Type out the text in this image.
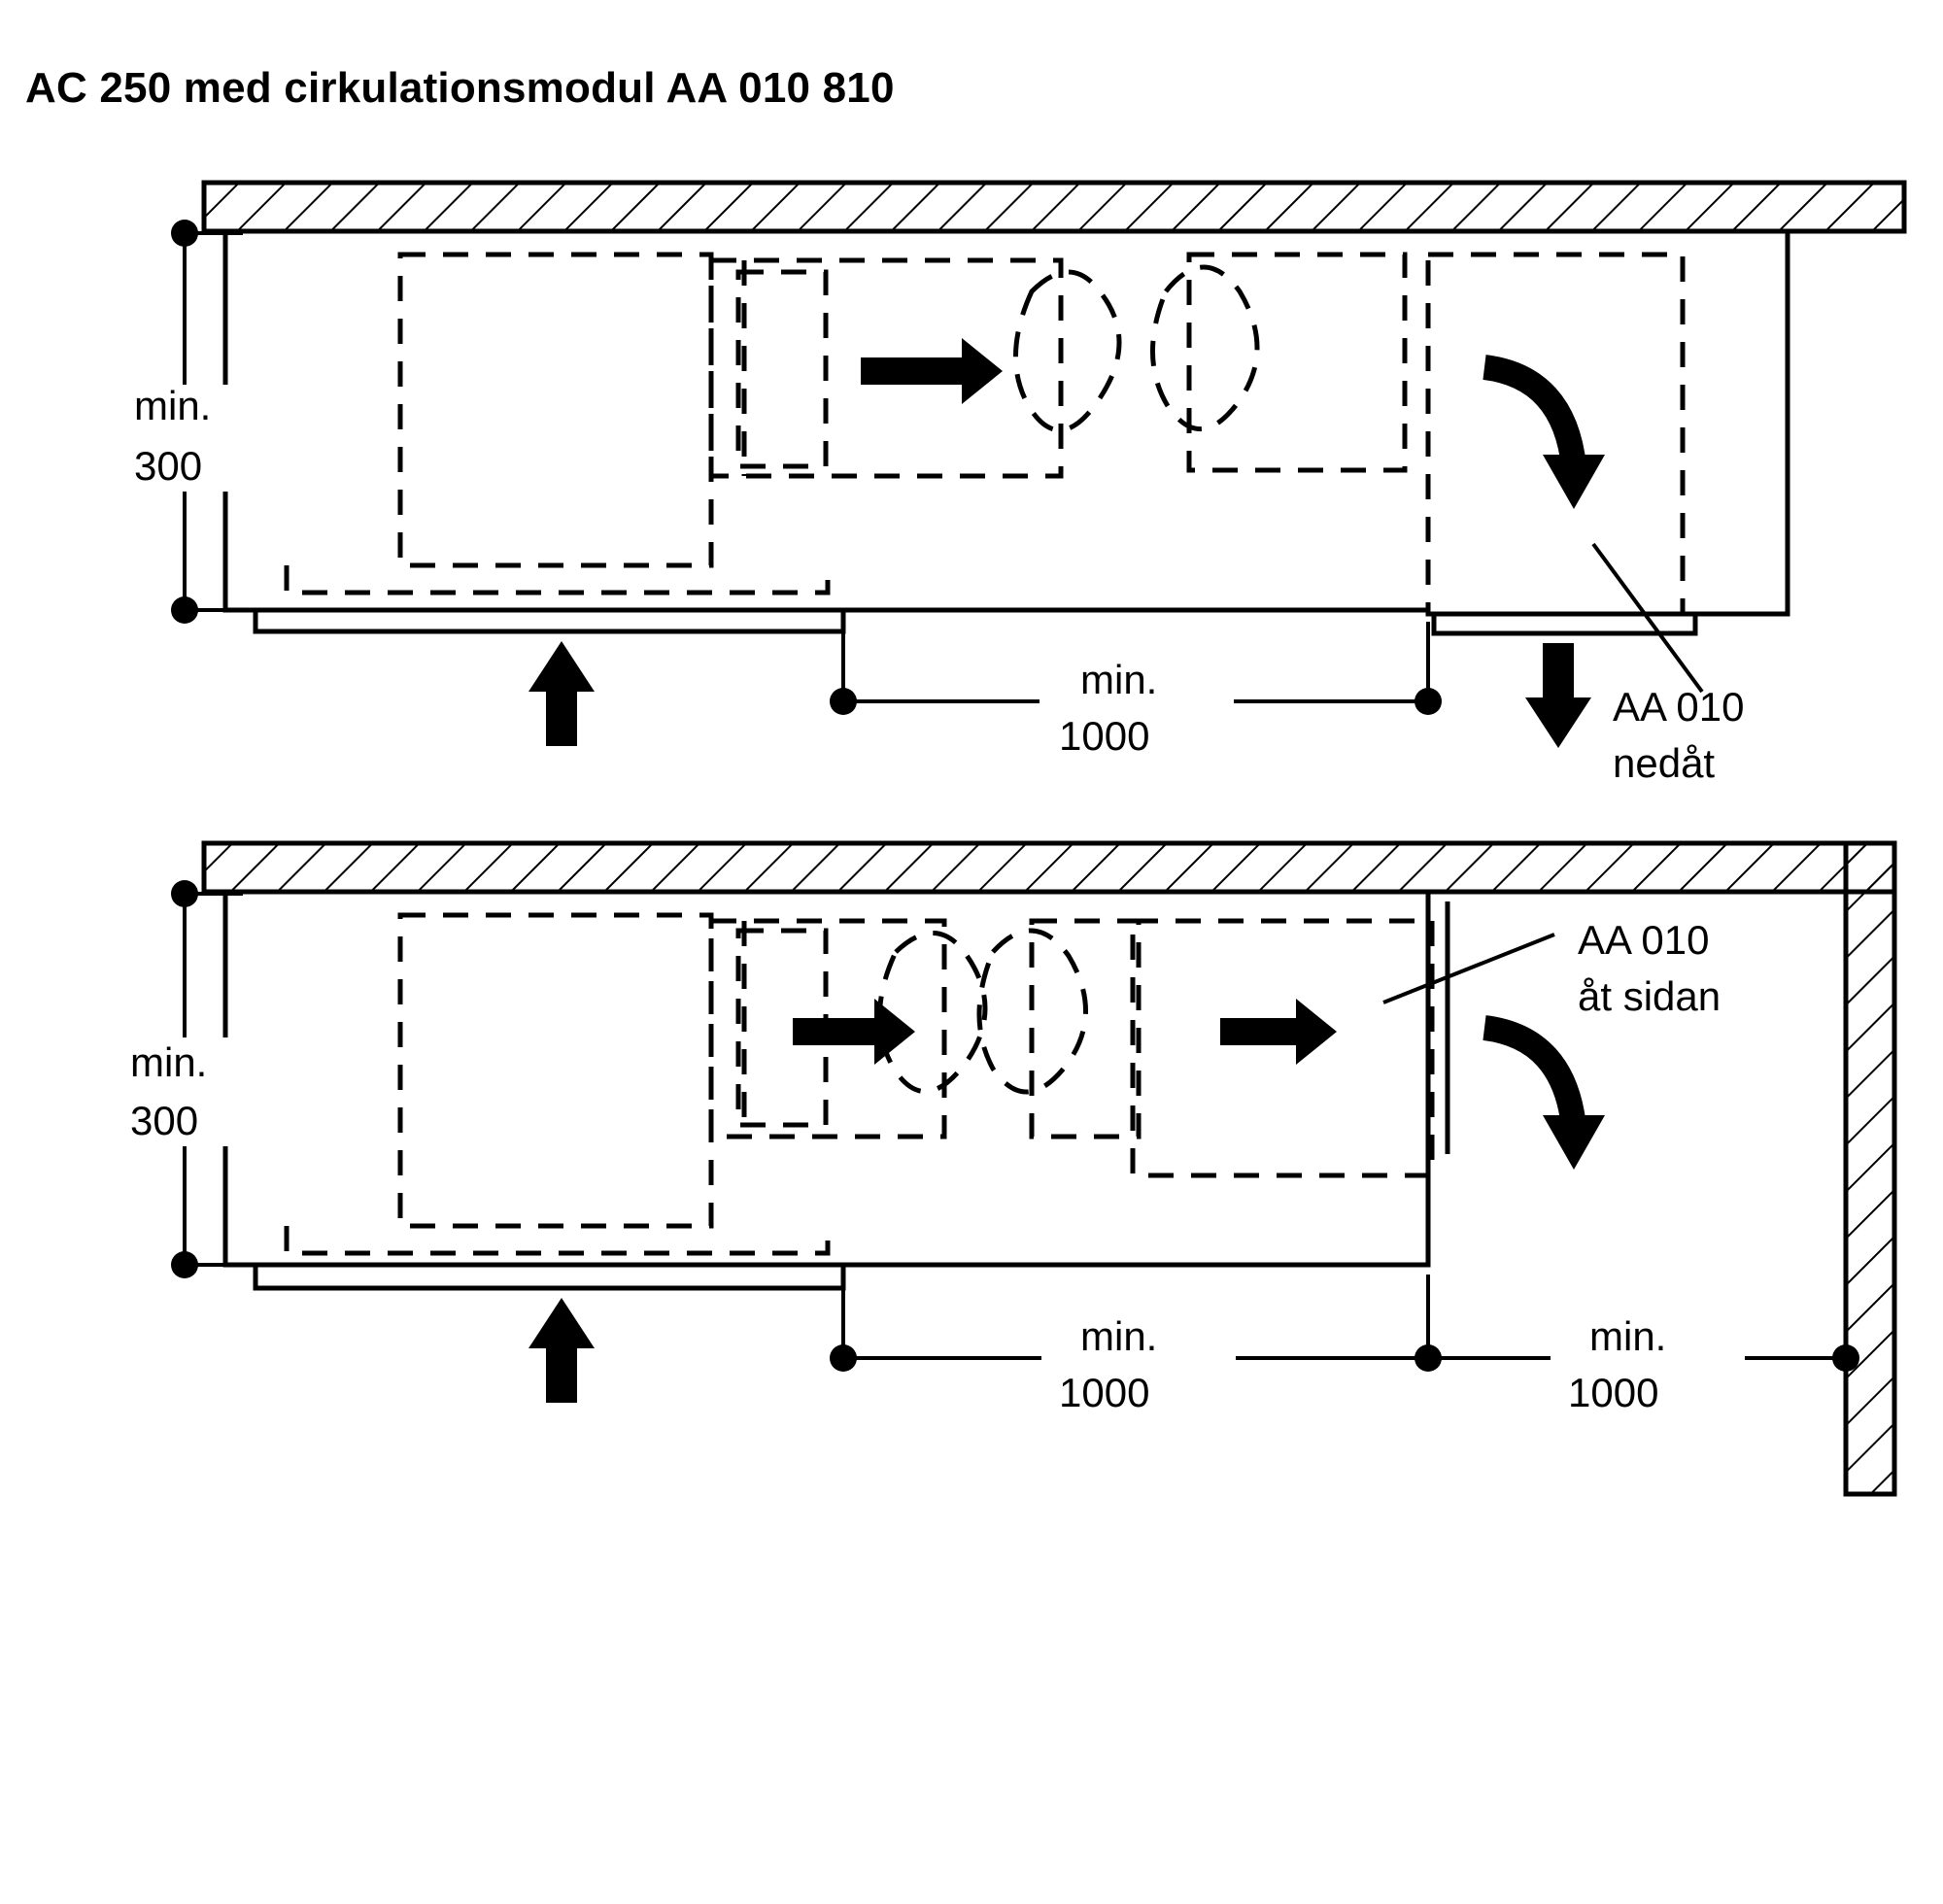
AC 250 med cirkulationsmodul AA 010 810
min.
300
min.
1000
AA 010
nedåt
min.
300
min.
1000
min.
1000
AA 010
åt sidan
